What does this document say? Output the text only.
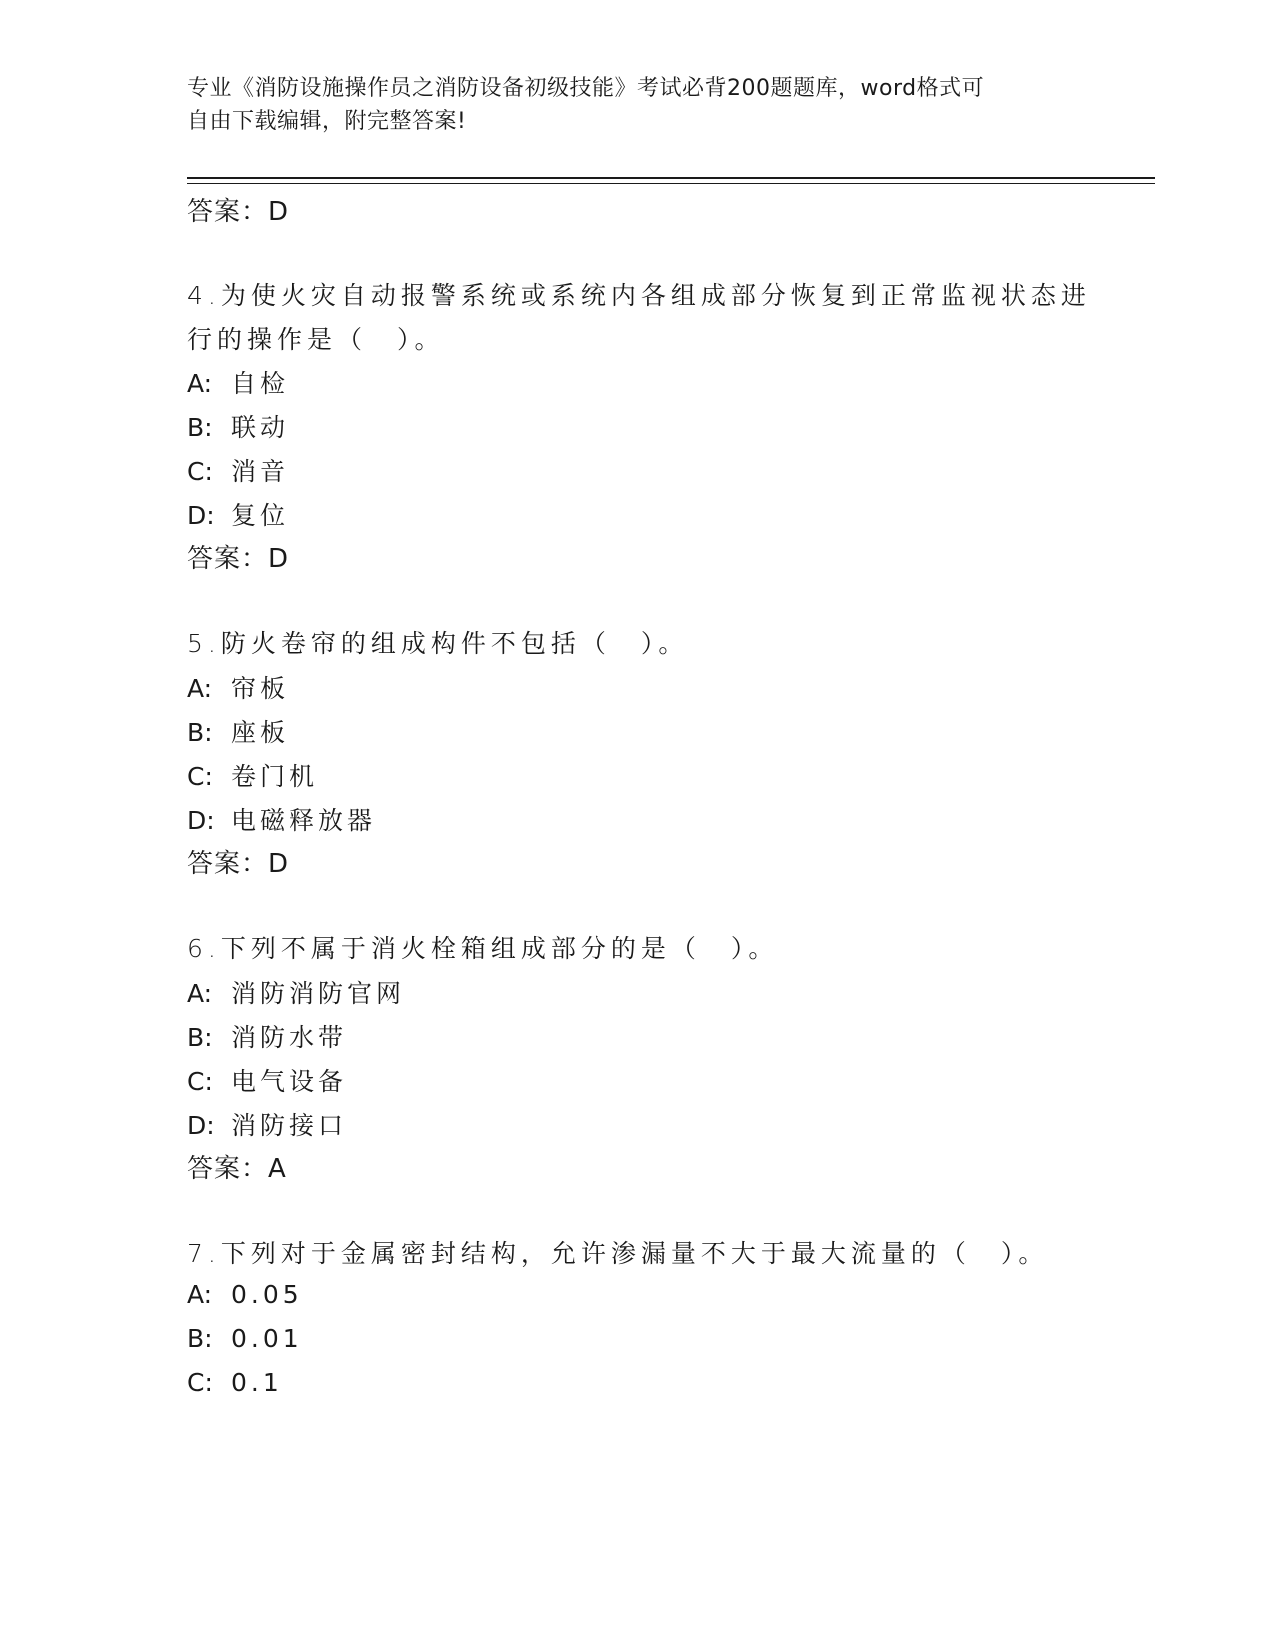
专业《消防设施操作员之消防设备初级技能》考试必背200题题库，word格式可
自由下载编辑，附完整答案!
答案：D
4.为使火灾自动报警系统或系统内各组成部分恢复到正常监视状态进
行的操作是（　）。
A: 自检
B: 联动
C: 消音
D: 复位
答案：D
5.防火卷帘的组成构件不包括（　）。
A: 帘板
B: 座板
C: 卷门机
D: 电磁释放器
答案：D
6.下列不属于消火栓箱组成部分的是（　）。
A: 消防消防官网
B: 消防水带
C: 电气设备
D: 消防接口
答案：A
7.下列对于金属密封结构，允许渗漏量不大于最大流量的（　）。
A: 0.05
B: 0.01
C: 0.1
